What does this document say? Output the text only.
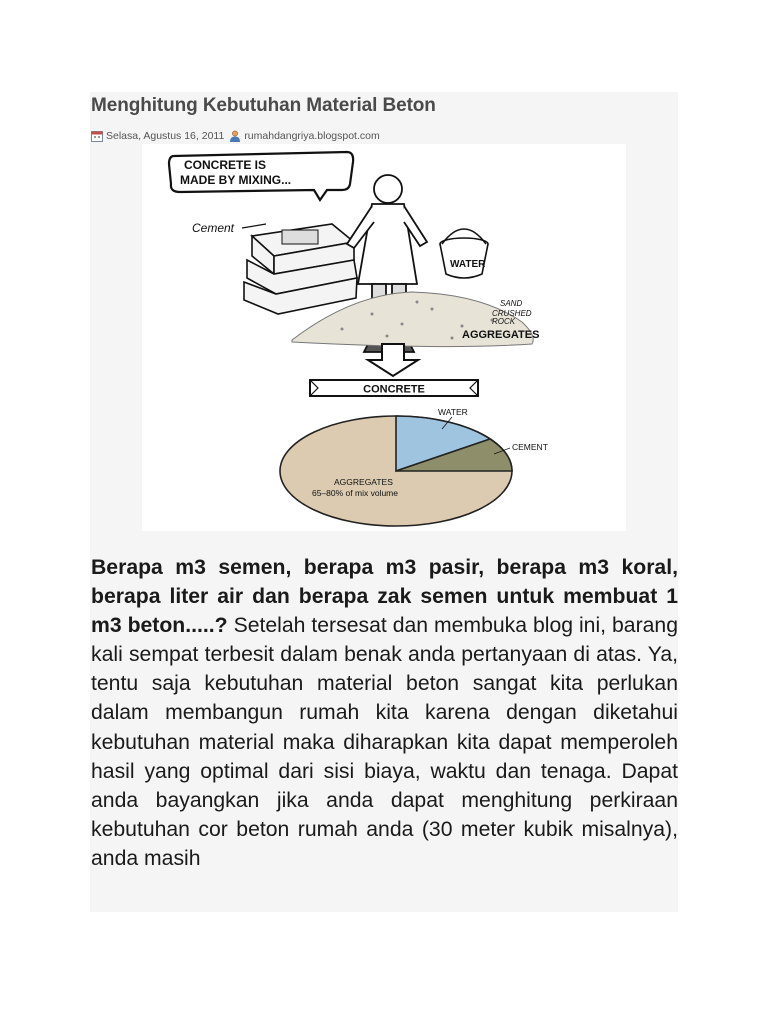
Menghitung Kebutuhan Material Beton
Selasa, Agustus 16, 2011 rumahdangriya.blogspot.com
CONCRETE IS
MADE BY MIXING...
Cement
WATER
SAND
CRUSHED
ROCK
AGGREGATES
CONCRETE
WATER
CEMENT
AGGREGATES
65–80% of mix volume
Berapa m3 semen, berapa m3 pasir, berapa m3 koral, berapa liter air dan berapa zak semen untuk membuat 1 m3 beton.....? Setelah tersesat dan membuka blog ini, barang kali sempat terbesit dalam benak anda pertanyaan di atas. Ya, tentu saja kebutuhan material beton sangat kita perlukan dalam membangun rumah kita karena dengan diketahui kebutuhan material maka diharapkan kita dapat memperoleh hasil yang optimal dari sisi biaya, waktu dan tenaga. Dapat anda bayangkan jika anda dapat menghitung perkiraan kebutuhan cor beton rumah anda (30 meter kubik misalnya), anda masih
